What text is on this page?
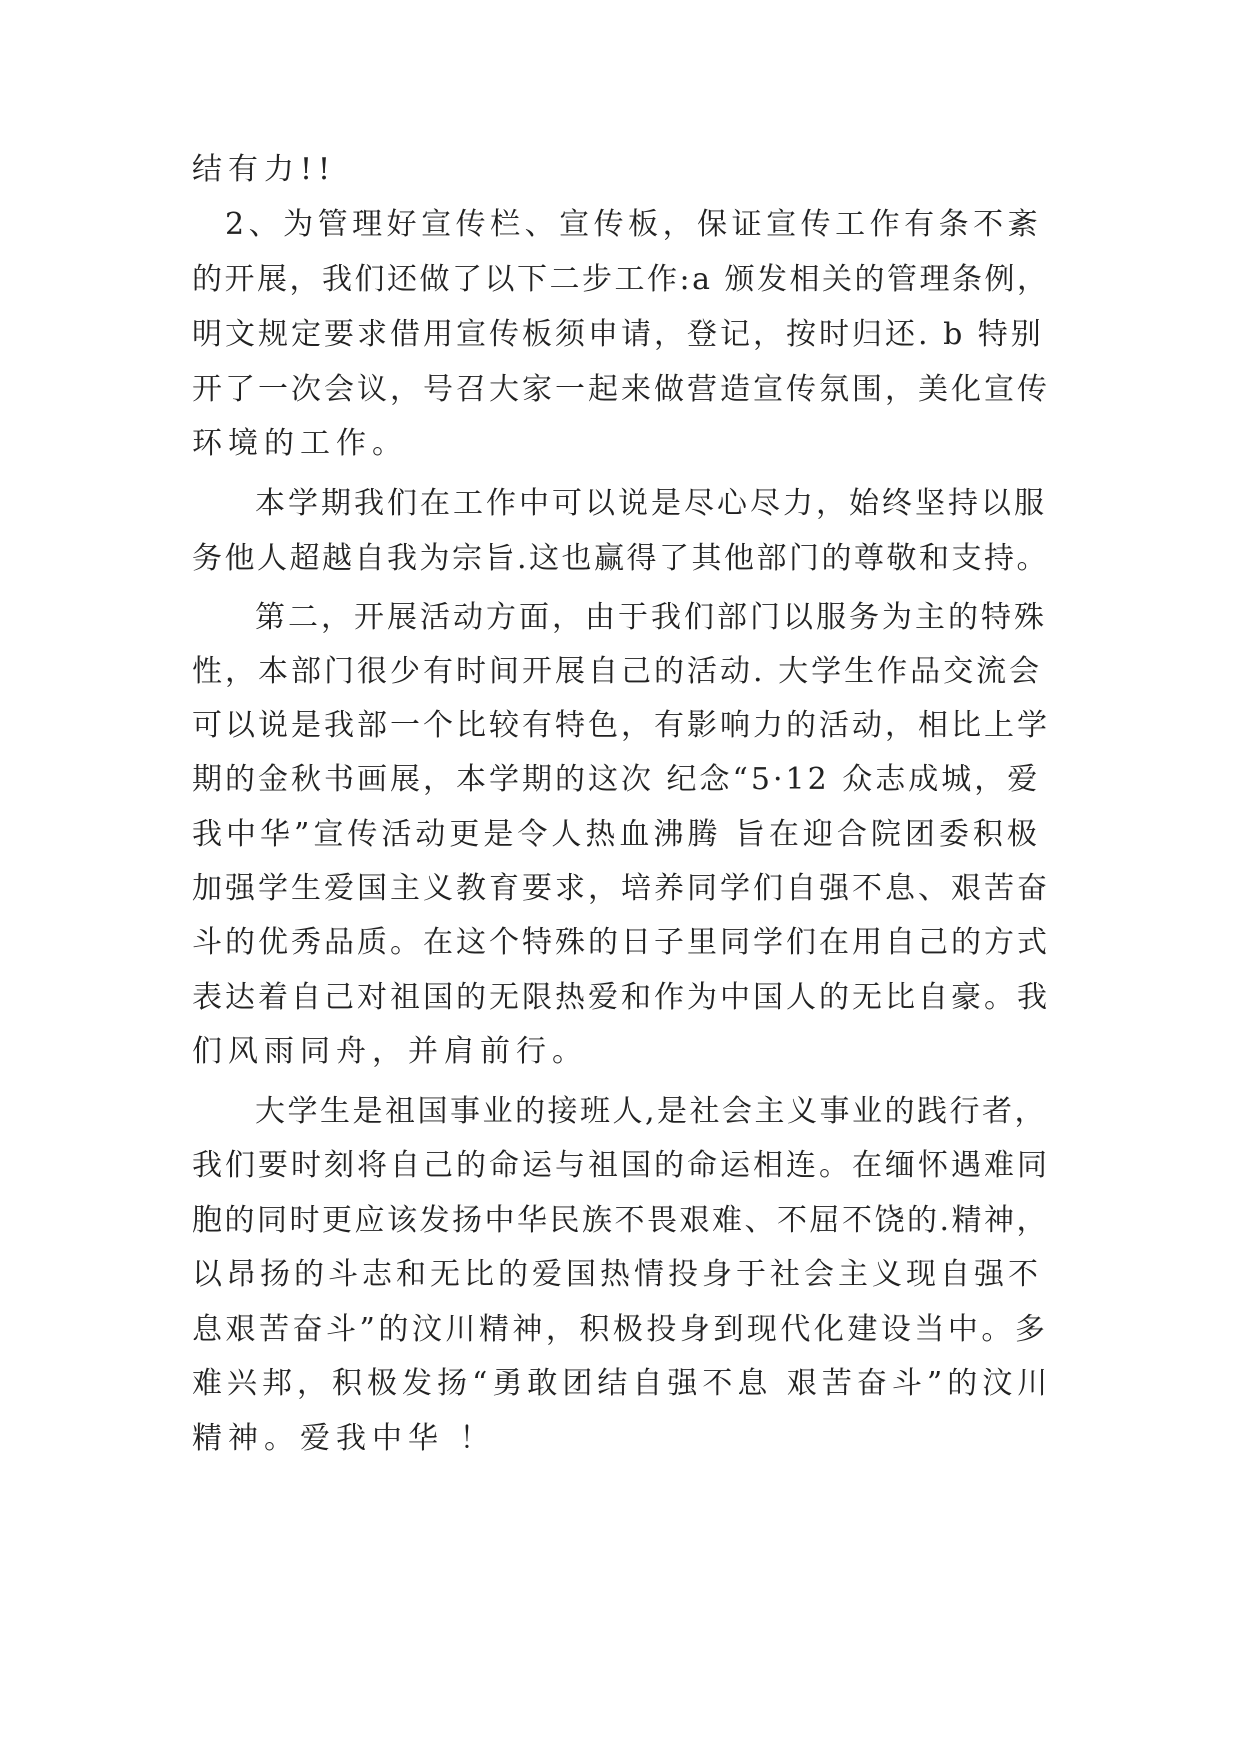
结有力!!
2、为管理好宣传栏、宣传板，保证宣传工作有条不紊
的开展，我们还做了以下二步工作:a 颁发相关的管理条例，
明文规定要求借用宣传板须申请，登记，按时归还. b 特别
开了一次会议，号召大家一起来做营造宣传氛围，美化宣传
环境的工作。
本学期我们在工作中可以说是尽心尽力，始终坚持以服
务他人超越自我为宗旨.这也赢得了其他部门的尊敬和支持。
第二，开展活动方面，由于我们部门以服务为主的特殊
性，本部门很少有时间开展自己的活动. 大学生作品交流会
可以说是我部一个比较有特色，有影响力的活动，相比上学
期的金秋书画展，本学期的这次 纪念“5·12 众志成城，爱
我中华”宣传活动更是令人热血沸腾 旨在迎合院团委积极
加强学生爱国主义教育要求，培养同学们自强不息、艰苦奋
斗的优秀品质。在这个特殊的日子里同学们在用自己的方式
表达着自己对祖国的无限热爱和作为中国人的无比自豪。我
们风雨同舟，并肩前行。
大学生是祖国事业的接班人,是社会主义事业的践行者，
我们要时刻将自己的命运与祖国的命运相连。在缅怀遇难同
胞的同时更应该发扬中华民族不畏艰难、不屈不饶的.精神，
以昂扬的斗志和无比的爱国热情投身于社会主义现自强不
息艰苦奋斗”的汶川精神，积极投身到现代化建设当中。多
难兴邦，积极发扬“勇敢团结自强不息 艰苦奋斗”的汶川
精神。爱我中华 ！
